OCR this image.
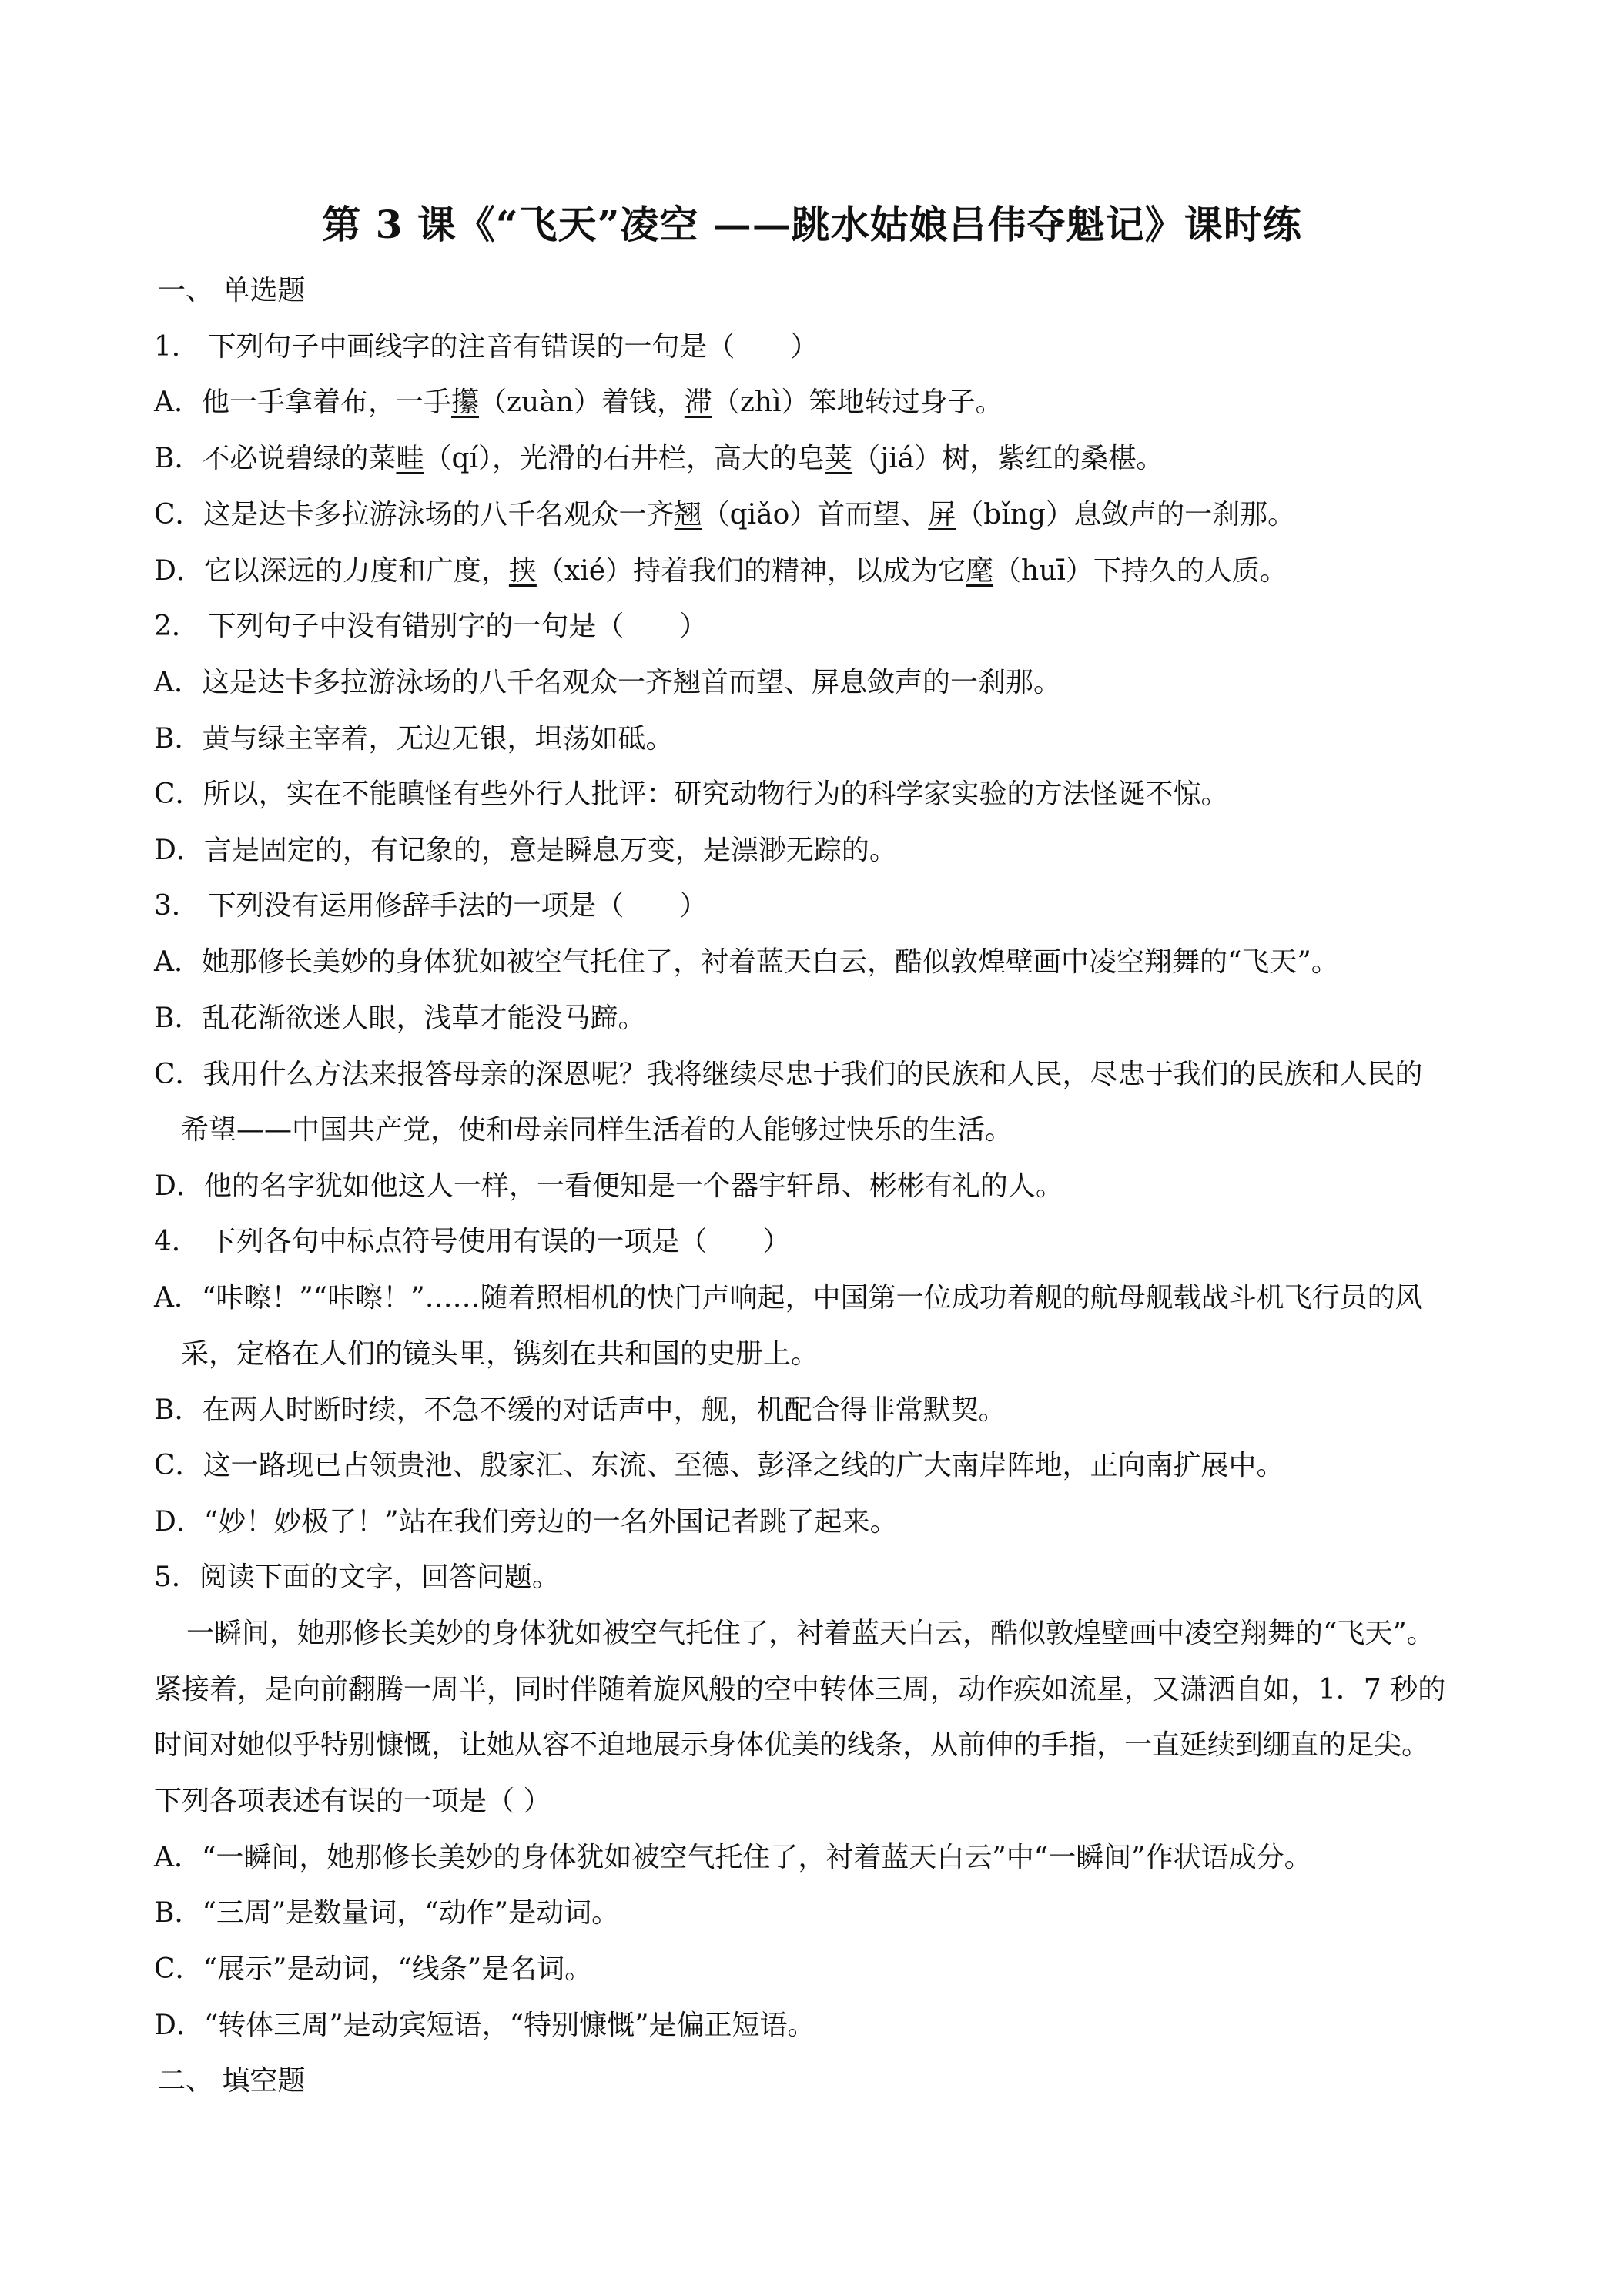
第 3 课《“飞天”凌空 ——跳水姑娘吕伟夺魁记》课时练
一、 单选题
1． 下列句子中画线字的注音有错误的一句是（　　）
A．他一手拿着布，一手攥（zuàn）着钱，滞（zhì）笨地转过身子。
B．不必说碧绿的菜畦（qí），光滑的石井栏，高大的皂荚（jiá）树，紫红的桑椹。
C．这是达卡多拉游泳场的八千名观众一齐翘（qiǎo）首而望、屏（bǐng）息敛声的一刹那。
D．它以深远的力度和广度，挟（xié）持着我们的精神，以成为它麾（huī）下持久的人质。
2． 下列句子中没有错别字的一句是（　　）
A．这是达卡多拉游泳场的八千名观众一齐翘首而望、屏息敛声的一刹那。
B．黄与绿主宰着，无边无银，坦荡如砥。
C．所以，实在不能瞋怪有些外行人批评：研究动物行为的科学家实验的方法怪诞不惊。
D．言是固定的，有记象的，意是瞬息万变，是漂渺无踪的。
3． 下列没有运用修辞手法的一项是（　　）
A．她那修长美妙的身体犹如被空气托住了，衬着蓝天白云，酷似敦煌壁画中凌空翔舞的“飞天”。
B．乱花渐欲迷人眼，浅草才能没马蹄。
C．我用什么方法来报答母亲的深恩呢？我将继续尽忠于我们的民族和人民，尽忠于我们的民族和人民的
希望——中国共产党，使和母亲同样生活着的人能够过快乐的生活。
D．他的名字犹如他这人一样，一看便知是一个器宇轩昂、彬彬有礼的人。
4． 下列各句中标点符号使用有误的一项是（　　）
A．“咔嚓！”“咔嚓！”……随着照相机的快门声响起，中国第一位成功着舰的航母舰载战斗机飞行员的风
采，定格在人们的镜头里，镌刻在共和国的史册上。
B．在两人时断时续，不急不缓的对话声中，舰，机配合得非常默契。
C．这一路现已占领贵池、殷家汇、东流、至德、彭泽之线的广大南岸阵地，正向南扩展中。
D．“妙！妙极了！”站在我们旁边的一名外国记者跳了起来。
5．阅读下面的文字，回答问题。
一瞬间，她那修长美妙的身体犹如被空气托住了，衬着蓝天白云，酷似敦煌壁画中凌空翔舞的“飞天”。
紧接着，是向前翻腾一周半，同时伴随着旋风般的空中转体三周，动作疾如流星，又潇洒自如，1．7 秒的
时间对她似乎特别慷慨，让她从容不迫地展示身体优美的线条，从前伸的手指，一直延续到绷直的足尖。
下列各项表述有误的一项是（ ）
A．“一瞬间，她那修长美妙的身体犹如被空气托住了，衬着蓝天白云”中“一瞬间”作状语成分。
B．“三周”是数量词，“动作”是动词。
C．“展示”是动词，“线条”是名词。
D．“转体三周”是动宾短语，“特别慷慨”是偏正短语。
二、 填空题
